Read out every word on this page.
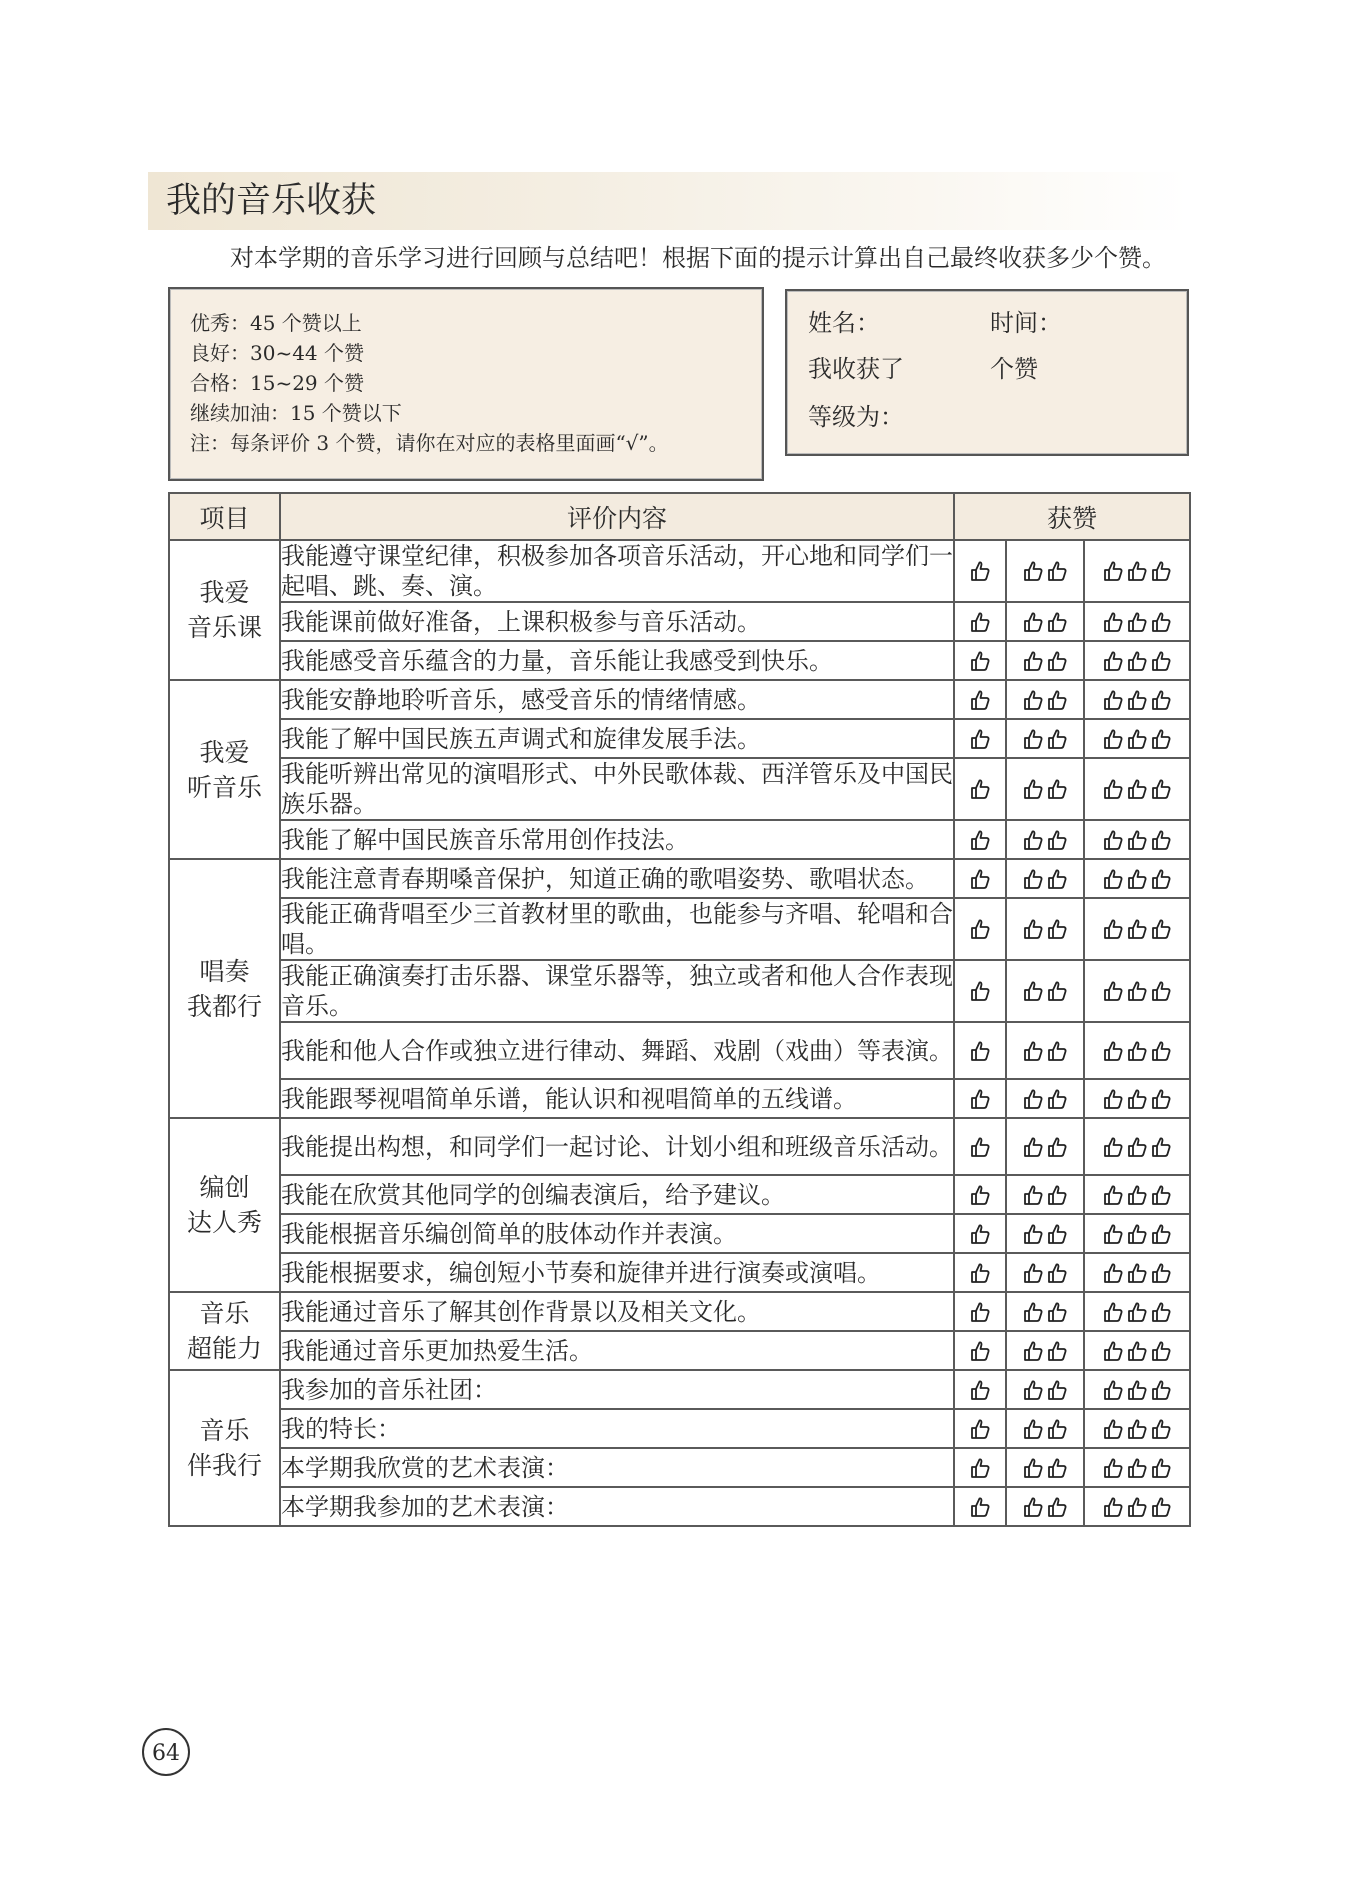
我的音乐收获
对本学期的音乐学习进行回顾与总结吧！根据下面的提示计算出自己最终收获多少个赞。
优秀：45 个赞以上
良好：30~44 个赞
合格：15~29 个赞
继续加油：15 个赞以下
注：每条评价 3 个赞，请你在对应的表格里面画“√”。
姓名：	时间：
我收获了	个赞
等级为：
项目	评价内容	获赞		

我爱
音乐课	我能遵守课堂纪律，积极参加各项音乐活动，开心地和同学们一起唱、跳、奏、演。			
	我能课前做好准备，上课积极参与音乐活动。			
	我能感受音乐蕴含的力量，音乐能让我感受到快乐。			

我爱
听音乐	我能安静地聆听音乐，感受音乐的情绪情感。			
	我能了解中国民族五声调式和旋律发展手法。			
	我能听辨出常见的演唱形式、中外民歌体裁、西洋管乐及中国民族乐器。			
	我能了解中国民族音乐常用创作技法。			

唱奏
我都行	我能注意青春期嗓音保护，知道正确的歌唱姿势、歌唱状态。			
	我能正确背唱至少三首教材里的歌曲，也能参与齐唱、轮唱和合唱。			
	我能正确演奏打击乐器、课堂乐器等，独立或者和他人合作表现音乐。			
	我能和他人合作或独立进行律动、舞蹈、戏剧（戏曲）等表演。			
	我能跟琴视唱简单乐谱，能认识和视唱简单的五线谱。			

编创
达人秀	我能提出构想，和同学们一起讨论、计划小组和班级音乐活动。			
	我能在欣赏其他同学的创编表演后，给予建议。			
	我能根据音乐编创简单的肢体动作并表演。			
	我能根据要求，编创短小节奏和旋律并进行演奏或演唱。			

音乐
超能力	我能通过音乐了解其创作背景以及相关文化。			
	我能通过音乐更加热爱生活。			

音乐
伴我行	我参加的音乐社团：			
	我的特长：			
	本学期我欣赏的艺术表演：			
	本学期我参加的艺术表演：			
64
